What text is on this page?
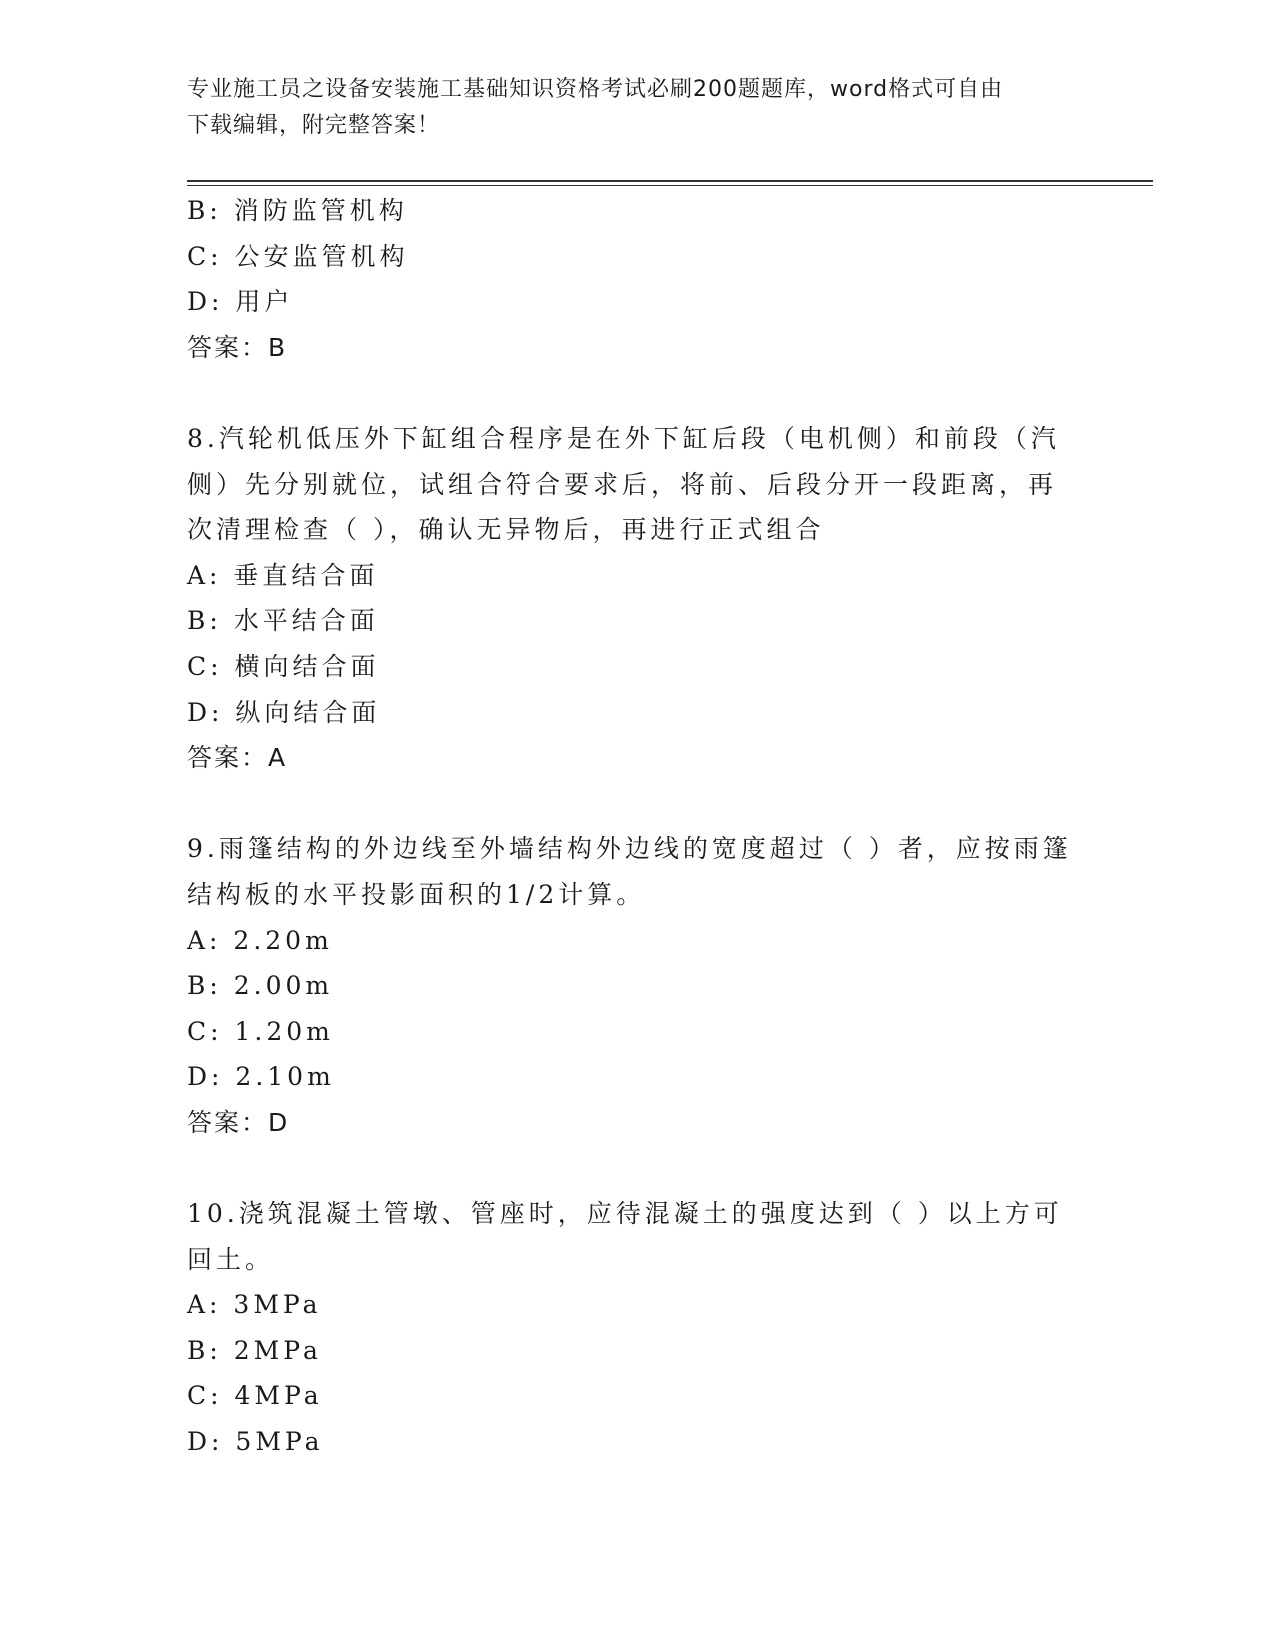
专业施工员之设备安装施工基础知识资格考试必刷200题题库，word格式可自由
下载编辑，附完整答案！
B: 消防监管机构
C: 公安监管机构
D: 用户
答案：B
8.汽轮机低压外下缸组合程序是在外下缸后段（电机侧）和前段（汽
侧）先分别就位，试组合符合要求后，将前、后段分开一段距离，再
次清理检查（ ），确认无异物后，再进行正式组合
A: 垂直结合面
B: 水平结合面
C: 横向结合面
D: 纵向结合面
答案：A
9.雨篷结构的外边线至外墙结构外边线的宽度超过（ ）者，应按雨篷
结构板的水平投影面积的1/2计算。
A: 2.20m
B: 2.00m
C: 1.20m
D: 2.10m
答案：D
10.浇筑混凝土管墩、管座时，应待混凝土的强度达到（ ）以上方可
回土。
A: 3MPa
B: 2MPa
C: 4MPa
D: 5MPa
